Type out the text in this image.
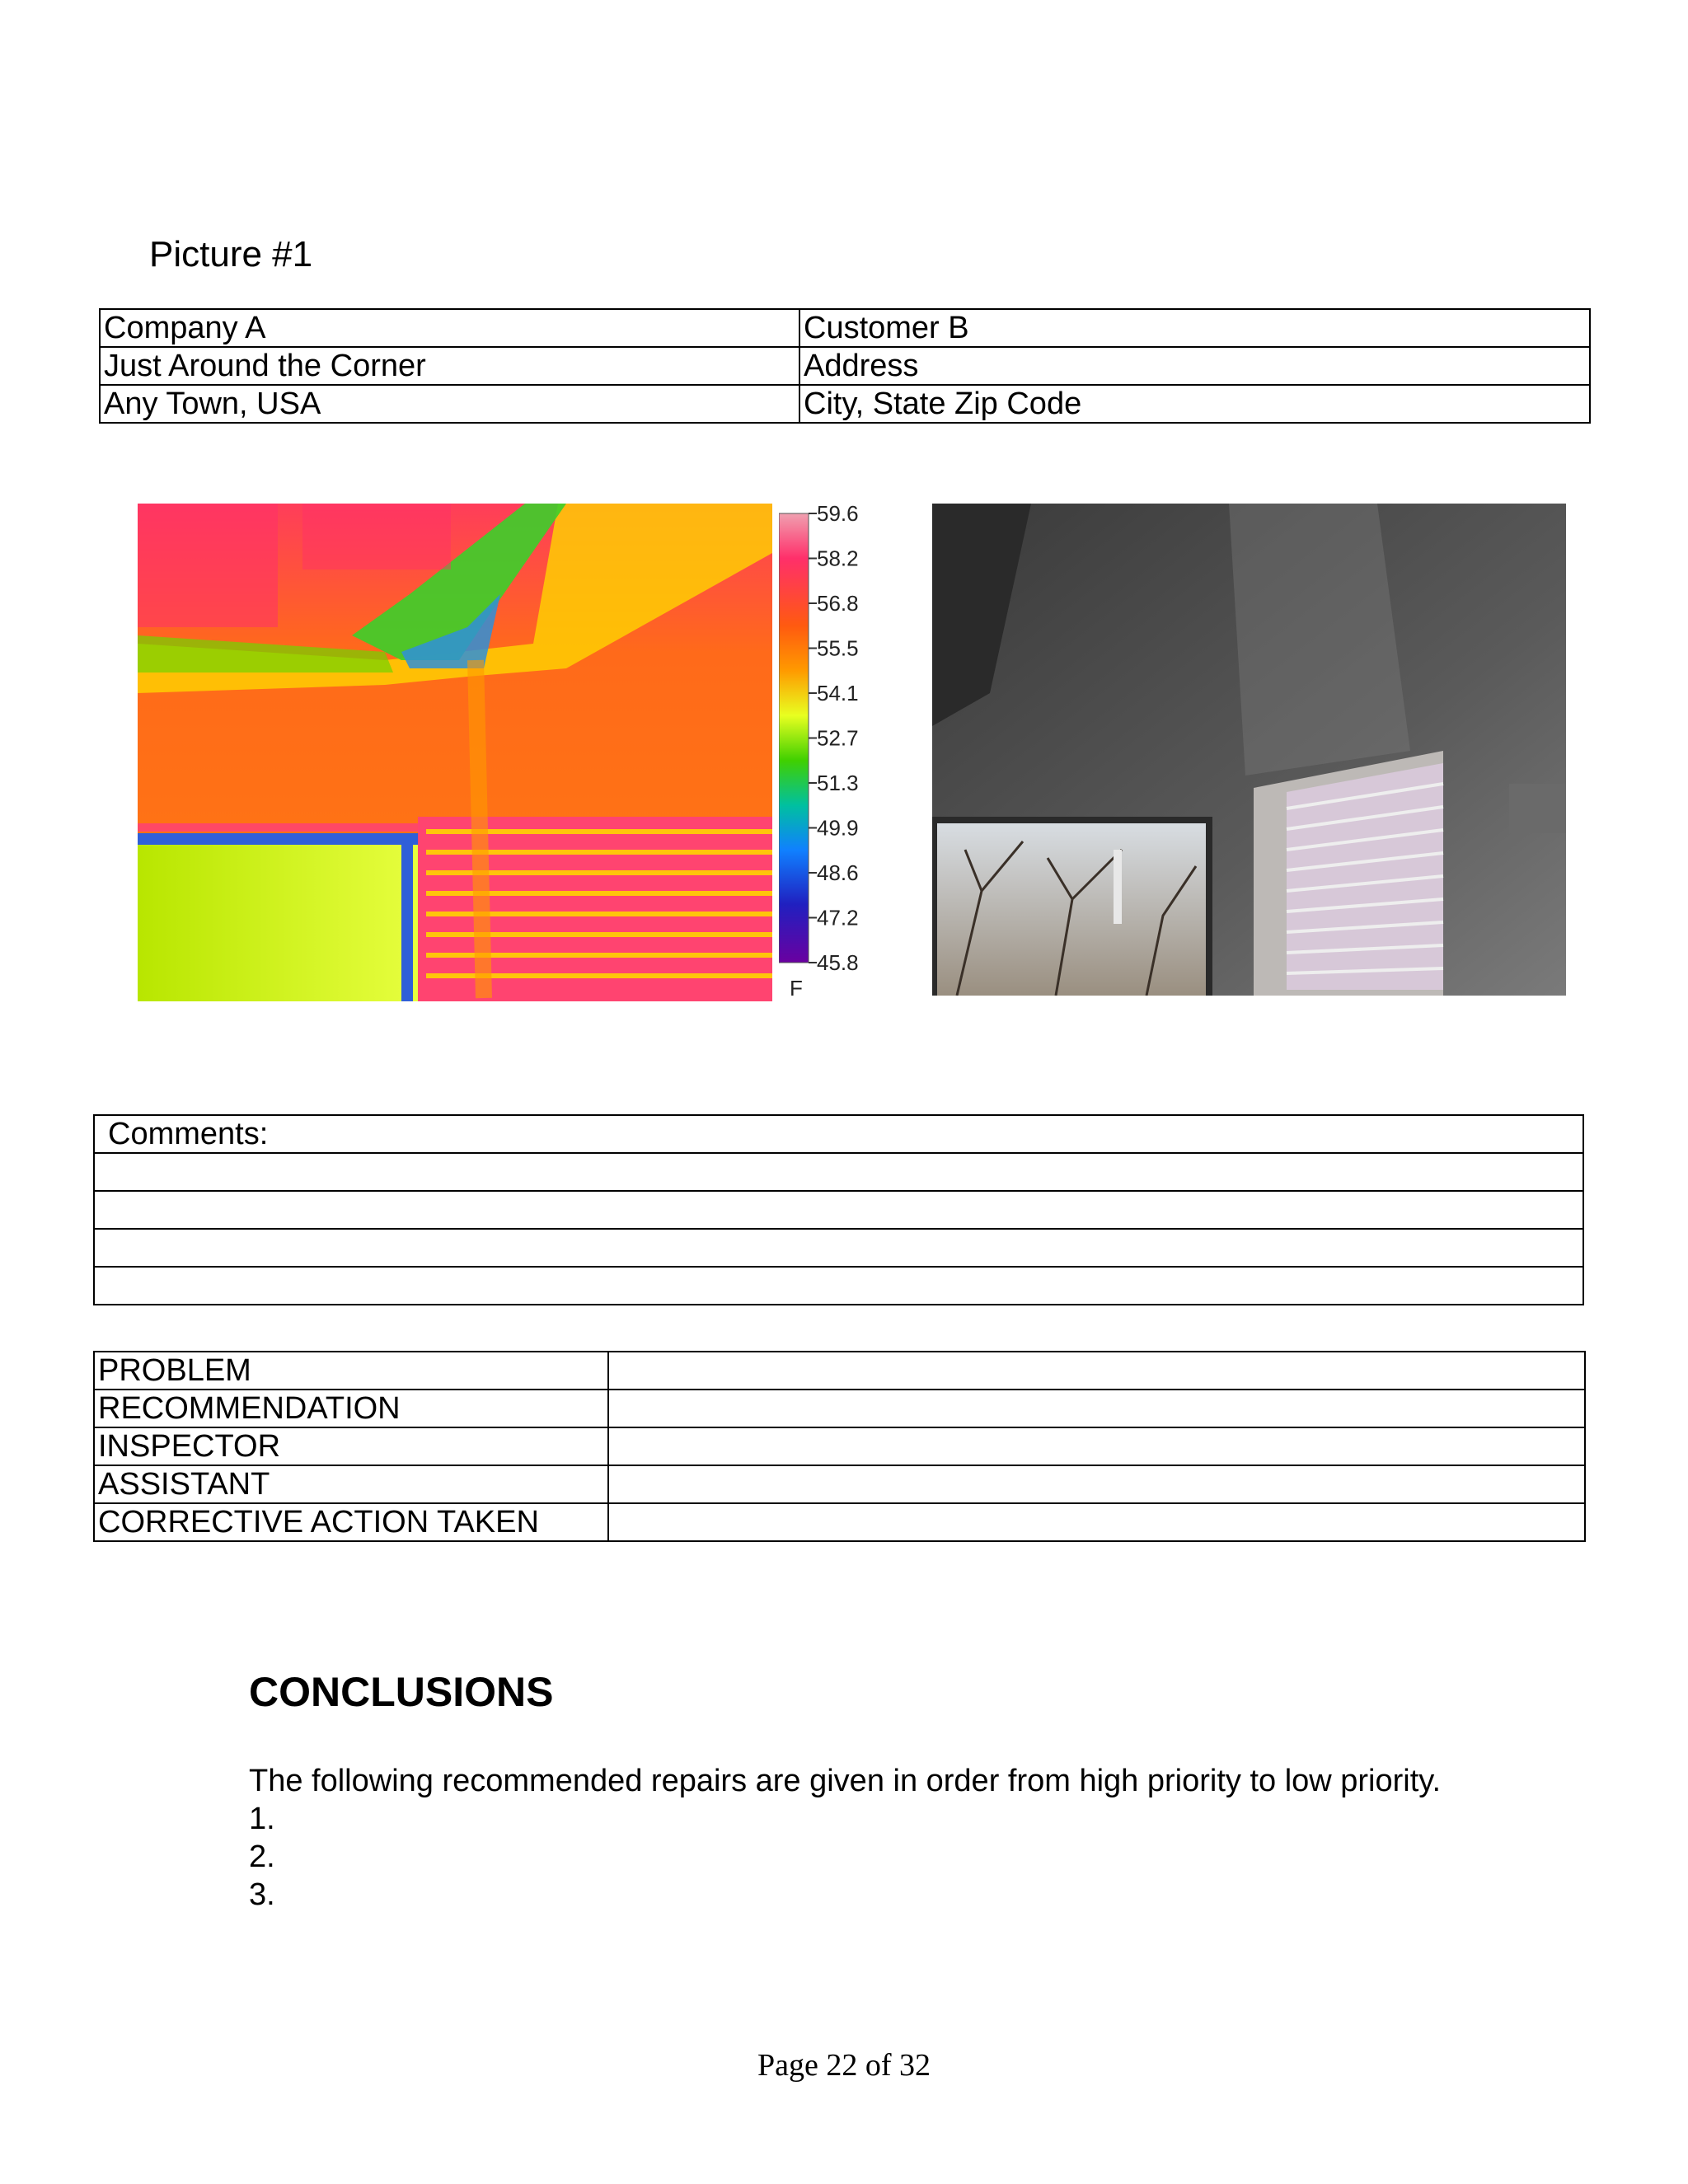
Picture #1
Company A	Customer B
Just Around the Corner	Address
Any Town, USA	City, State Zip Code
59.6
58.2
56.8
55.5
54.1
52.7
51.3
49.9
48.6
47.2
45.8
F
Comments:

PROBLEM	
RECOMMENDATION	
INSPECTOR	
ASSISTANT	
CORRECTIVE ACTION TAKEN	
CONCLUSIONS
The following recommended repairs are given in order from high priority to low priority.
1.
2.
3.
Page 22 of 32
